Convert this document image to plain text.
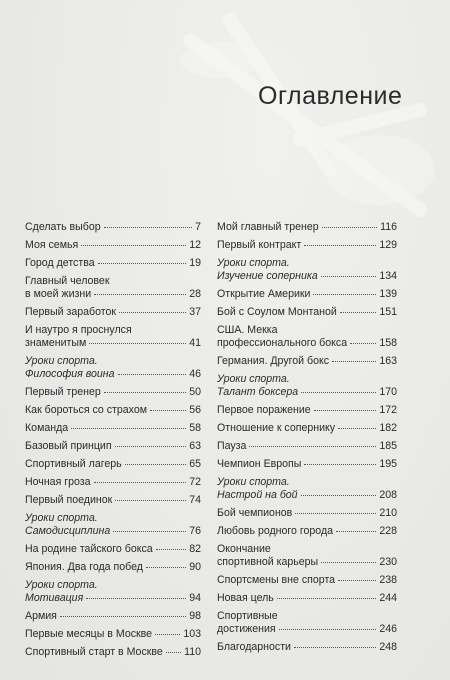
Оглавление
Сделать выбор	7
Моя семья	12
Город детства	19
Главный человек
в моей жизни	28
Первый заработок	37
И наутро я проснулся
знаменитым	41
Уроки спорта.
Философия воина	46
Первый тренер	50
Как бороться со страхом	56
Команда	58
Базовый принцип	63
Спортивный лагерь	65
Ночная гроза	72
Первый поединок	74
Уроки спорта.
Самодисциплина	76
На родине тайского бокса	82
Япония. Два года побед	90
Уроки спорта.
Мотивация	94
Армия	98
Первые месяцы в Москве	103
Спортивный старт в Москве 110
Мой главный тренер	116
Первый контракт	129
Уроки спорта.
Изучение соперника	134
Открытие Америки	139
Бой с Соулом Монтаной	151
США. Мекка
профессионального бокса	158
Германия. Другой бокс	163
Уроки спорта.
Талант боксера	170
Первое поражение	172
Отношение к сопернику	182
Пауза	185
Чемпион Европы	195
Уроки спорта.
Настрой на бой	208
Бой чемпионов	210
Любовь родного города	228
Окончание
спортивной карьеры	230
Спортсмены вне спорта	238
Новая цель	244
Спортивные
достижения	246
Благодарности	248
